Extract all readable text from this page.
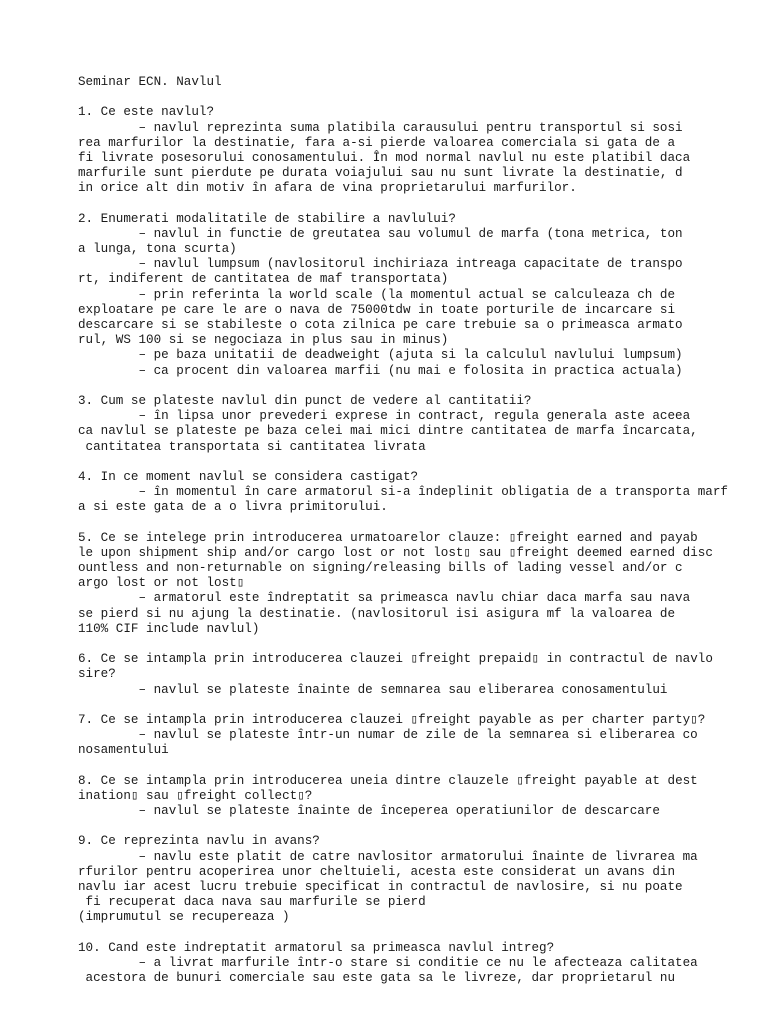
Seminar ECN. Navlul
1. Ce este navlul?
– navlul reprezinta suma platibila carausului pentru transportul si sosi
rea marfurilor la destinatie, fara a-si pierde valoarea comerciala si gata de a
fi livrate posesorului conosamentului. În mod normal navlul nu este platibil daca
marfurile sunt pierdute pe durata voiajului sau nu sunt livrate la destinatie, d
in orice alt din motiv în afara de vina proprietarului marfurilor.
2. Enumerati modalitatile de stabilire a navlului?
– navlul in functie de greutatea sau volumul de marfa (tona metrica, ton
a lunga, tona scurta)
– navlul lumpsum (navlositorul inchiriaza intreaga capacitate de transpo
rt, indiferent de cantitatea de maf transportata)
– prin referinta la world scale (la momentul actual se calculeaza ch de
exploatare pe care le are o nava de 75000tdw in toate porturile de incarcare si
descarcare si se stabileste o cota zilnica pe care trebuie sa o primeasca armato
rul, WS 100 si se negociaza in plus sau in minus)
– pe baza unitatii de deadweight (ajuta si la calculul navlului lumpsum)
– ca procent din valoarea marfii (nu mai e folosita in practica actuala)
3. Cum se plateste navlul din punct de vedere al cantitatii?
– în lipsa unor prevederi exprese in contract, regula generala aste aceea
ca navlul se plateste pe baza celei mai mici dintre cantitatea de marfa încarcata,
cantitatea transportata si cantitatea livrata
4. In ce moment navlul se considera castigat?
– în momentul în care armatorul si-a îndeplinit obligatia de a transporta marf
a si este gata de a o livra primitorului.
5. Ce se intelege prin introducerea urmatoarelor clauze: ▯freight earned and payab
le upon shipment ship and/or cargo lost or not lost▯ sau ▯freight deemed earned disc
ountless and non-returnable on signing/releasing bills of lading vessel and/or c
argo lost or not lost▯
– armatorul este îndreptatit sa primeasca navlu chiar daca marfa sau nava
se pierd si nu ajung la destinatie. (navlositorul isi asigura mf la valoarea de
110% CIF include navlul)
6. Ce se intampla prin introducerea clauzei ▯freight prepaid▯ in contractul de navlo
sire?
– navlul se plateste înainte de semnarea sau eliberarea conosamentului
7. Ce se intampla prin introducerea clauzei ▯freight payable as per charter party▯?
– navlul se plateste într-un numar de zile de la semnarea si eliberarea co
nosamentului
8. Ce se intampla prin introducerea uneia dintre clauzele ▯freight payable at dest
ination▯ sau ▯freight collect▯?
– navlul se plateste înainte de începerea operatiunilor de descarcare
9. Ce reprezinta navlu in avans?
– navlu este platit de catre navlositor armatorului înainte de livrarea ma
rfurilor pentru acoperirea unor cheltuieli, acesta este considerat un avans din
navlu iar acest lucru trebuie specificat in contractul de navlosire, si nu poate
fi recuperat daca nava sau marfurile se pierd
(imprumutul se recupereaza )
10. Cand este indreptatit armatorul sa primeasca navlul intreg?
– a livrat marfurile într-o stare si conditie ce nu le afecteaza calitatea
acestora de bunuri comerciale sau este gata sa le livreze, dar proprietarul nu
